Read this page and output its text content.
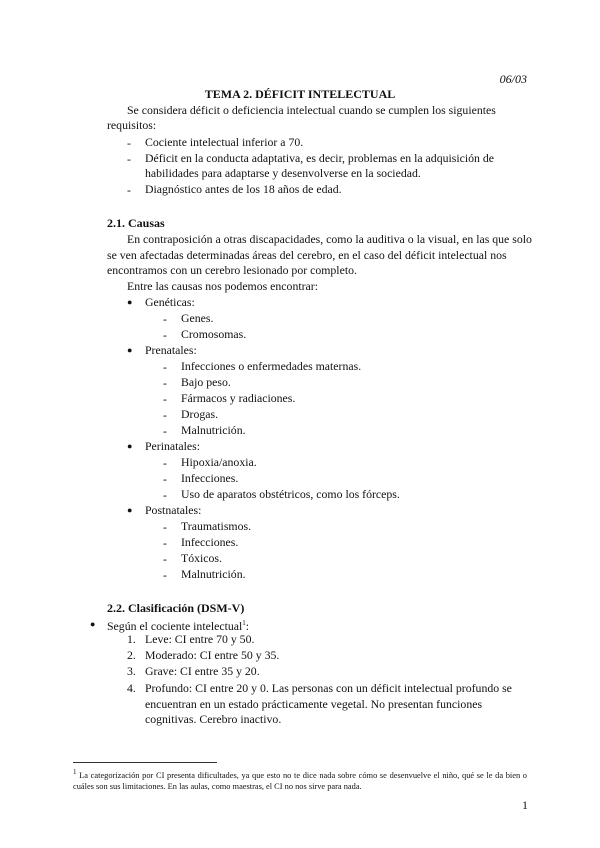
06/03
TEMA 2. DÉFICIT INTELECTUAL
Se considera déficit o deficiencia intelectual cuando se cumplen los siguientes
requisitos:
- Cociente intelectual inferior a 70.
- Déficit en la conducta adaptativa, es decir, problemas en la adquisición de
habilidades para adaptarse y desenvolverse en la sociedad.
- Diagnóstico antes de los 18 años de edad.
2.1. Causas
En contraposición a otras discapacidades, como la auditiva o la visual, en las que solo
se ven afectadas determinadas áreas del cerebro, en el caso del déficit intelectual nos
encontramos con un cerebro lesionado por completo.
Entre las causas nos podemos encontrar:
● Genéticas:
- Genes.
- Cromosomas.
● Prenatales:
- Infecciones o enfermedades maternas.
- Bajo peso.
- Fármacos y radiaciones.
- Drogas.
- Malnutrición.
● Perinatales:
- Hipoxia/anoxia.
- Infecciones.
- Uso de aparatos obstétricos, como los fórceps.
● Postnatales:
- Traumatismos.
- Infecciones.
- Tóxicos.
- Malnutrición.
2.2. Clasificación (DSM-V)
● Según el cociente intelectual$^1$:
1. Leve: CI entre 70 y 50.
2. Moderado: CI entre 50 y 35.
3. Grave: CI entre 35 y 20.
4. Profundo: CI entre 20 y 0. Las personas con un déficit intelectual profundo se
encuentran en un estado prácticamente vegetal. No presentan funciones
cognitivas. Cerebro inactivo.
$^1$ La categorización por CI presenta dificultades, ya que esto no te dice nada sobre cómo se desenvuelve el niño, qué se le da bien o cuáles son sus limitaciones. En las aulas, como maestras, el CI no nos sirve para nada.
1
